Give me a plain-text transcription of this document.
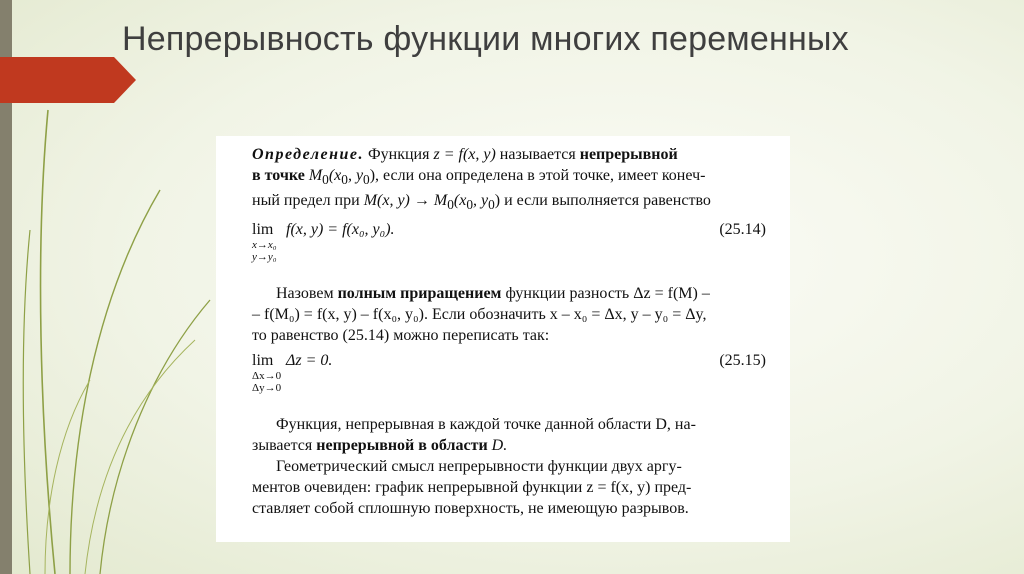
Непрерывность функции многих переменных

Определение. Функция z = f(x, y) называется непрерывной

в точке $M_0(x_0$, $y_0$), если она определена в этой точке, имеет конеч-

ный предел при M(x, $y) \to M_0(x_0$, $y_0$) и если выполняется равенство

lim
x→x₀
y→y₀
f(x, y) = f(x₀, y₀).	(25.14)

Назовем полным приращением функции разность Δz = f(M) –

– f(M₀) = f(x, y) – f(x₀, y₀). Если обозначить x – x₀ = Δx, y – y₀ = Δy,

то равенство (25.14) можно переписать так:

lim
Δx→0
Δy→0
Δz = 0.	(25.15)

Функция, непрерывная в каждой точке данной области D, на-

зывается непрерывной в области D.

Геометрический смысл непрерывности функции двух аргу-

ментов очевиден: график непрерывной функции z = f(x, y) пред-

ставляет собой сплошную поверхность, не имеющую разрывов.
